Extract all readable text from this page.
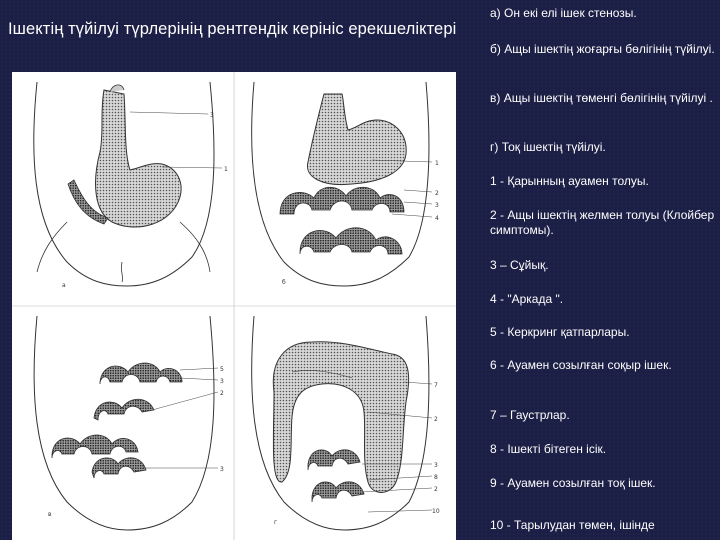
Ішектің түйілуі түрлерінің рентгендік керініс ерекшеліктері
3
1
а
1
2
3
4
б
5
3
2
3
в
7
2
3
8
2
10
г
а) Он екі елі ішек стенозы.
б) Ащы ішектің жоғарғы бөлігінің түйілуі.
в) Ащы ішектің төменгі бөлігінің түйілуі .
г) Тоқ ішектің түйілуі.
1 - Қарынның ауамен толуы.
2 - Ащы ішектің желмен толуы (Клойбер симптомы).
3 – Сұйық.
4 - "Аркада ".
5 - Керкринг қатпарлары.
6 - Ауамен созылған соқыр ішек.
7 – Гаустрлар.
8 - Ішекті бітеген ісік.
9 - Ауамен созылған тоқ ішек.
10 - Тарылудан төмен, ішінде
